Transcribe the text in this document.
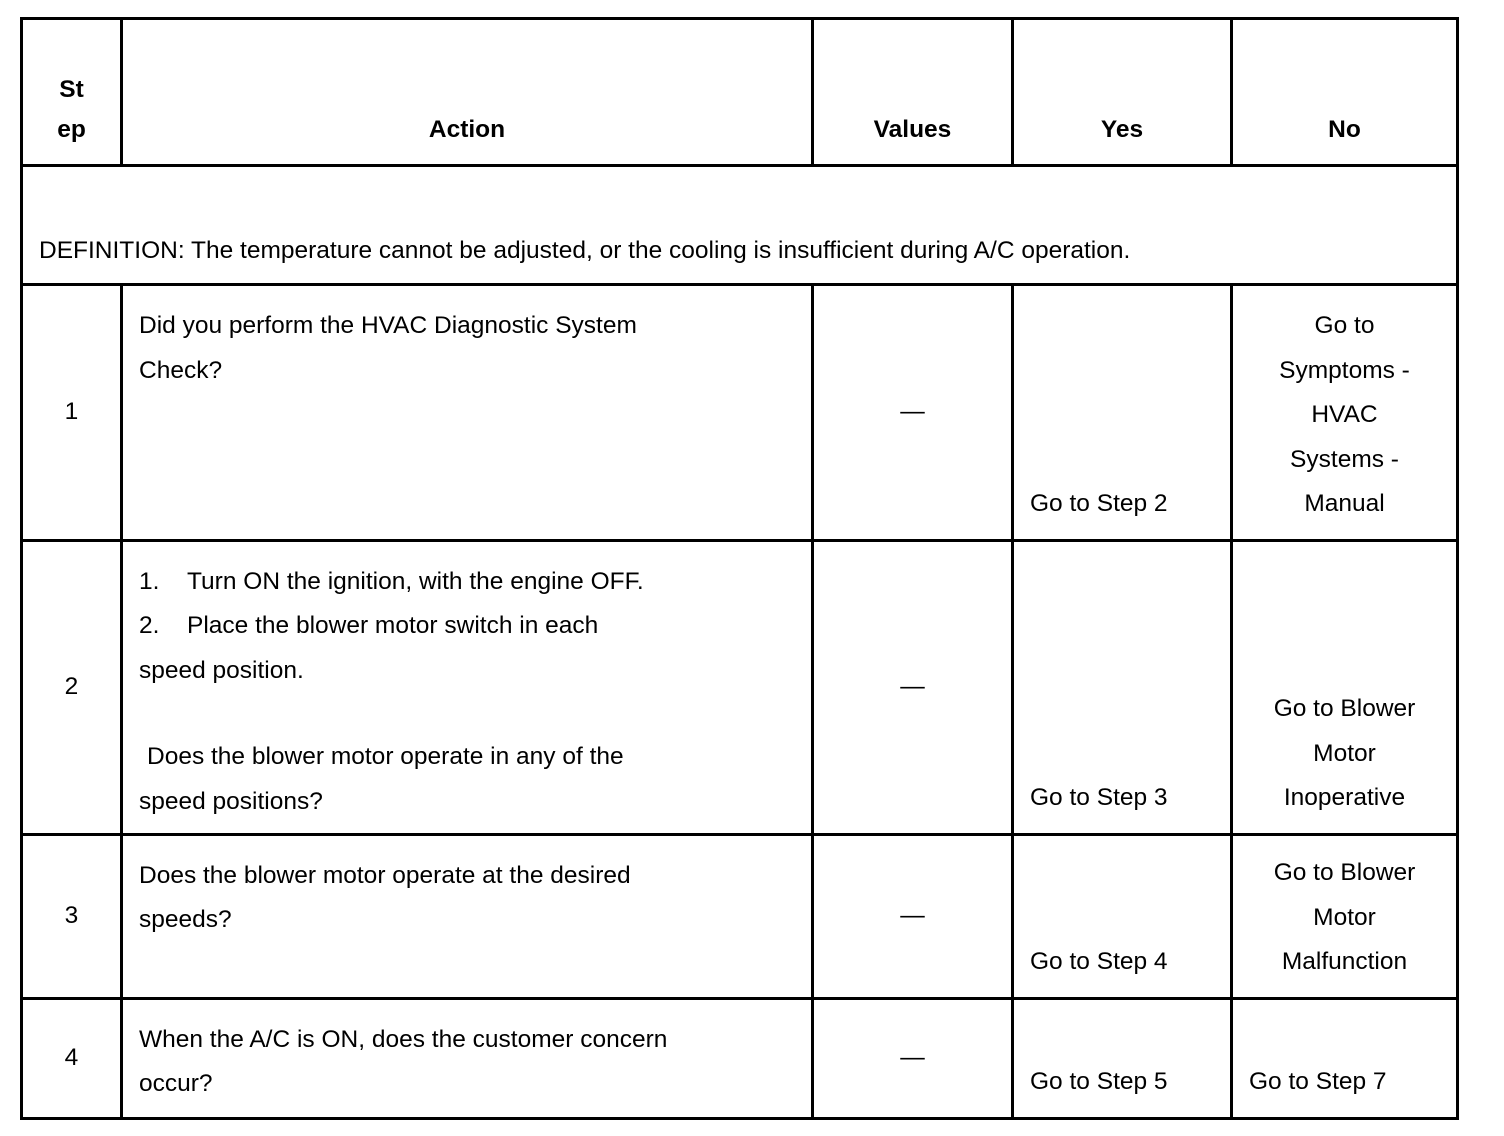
St
ep	Action	Values	Yes	No
DEFINITION: The temperature cannot be adjusted, or the cooling is insufficient during A/C operation.				
1	Did you perform the HVAC Diagnostic System
Check?	—	Go to Step 2	Go to
Symptoms -
HVAC
Systems -
Manual

2	1. Turn ON the ignition, with the engine OFF.
2. Place the blower motor switch in each
speed position.
Does the blower motor operate in any of the
speed positions?	—	Go to Step 3	Go to Blower
Motor
Inoperative

3	Does the blower motor operate at the desired
speeds?	—	Go to Step 4	Go to Blower
Motor
Malfunction

4	When the A/C is ON, does the customer concern
occur?	—	Go to Step 5	Go to Step 7
